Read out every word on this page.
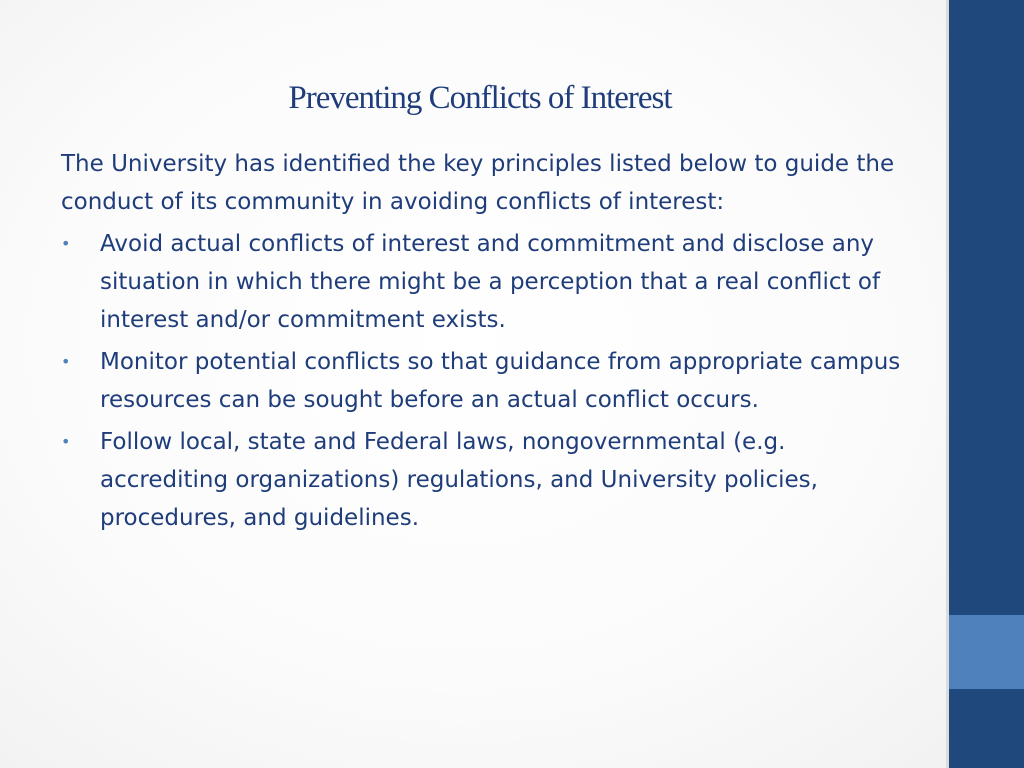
Preventing Conflicts of Interest

The University has identified the key principles listed below to guide the conduct of its community in avoiding conflicts of interest:

• Avoid actual conflicts of interest and commitment and disclose any situation in which there might be a perception that a real conflict of interest and/or commitment exists.
• Monitor potential conflicts so that guidance from appropriate campus resources can be sought before an actual conflict occurs.
• Follow local, state and Federal laws, nongovernmental (e.g. accrediting organizations) regulations, and University policies, procedures, and guidelines.
